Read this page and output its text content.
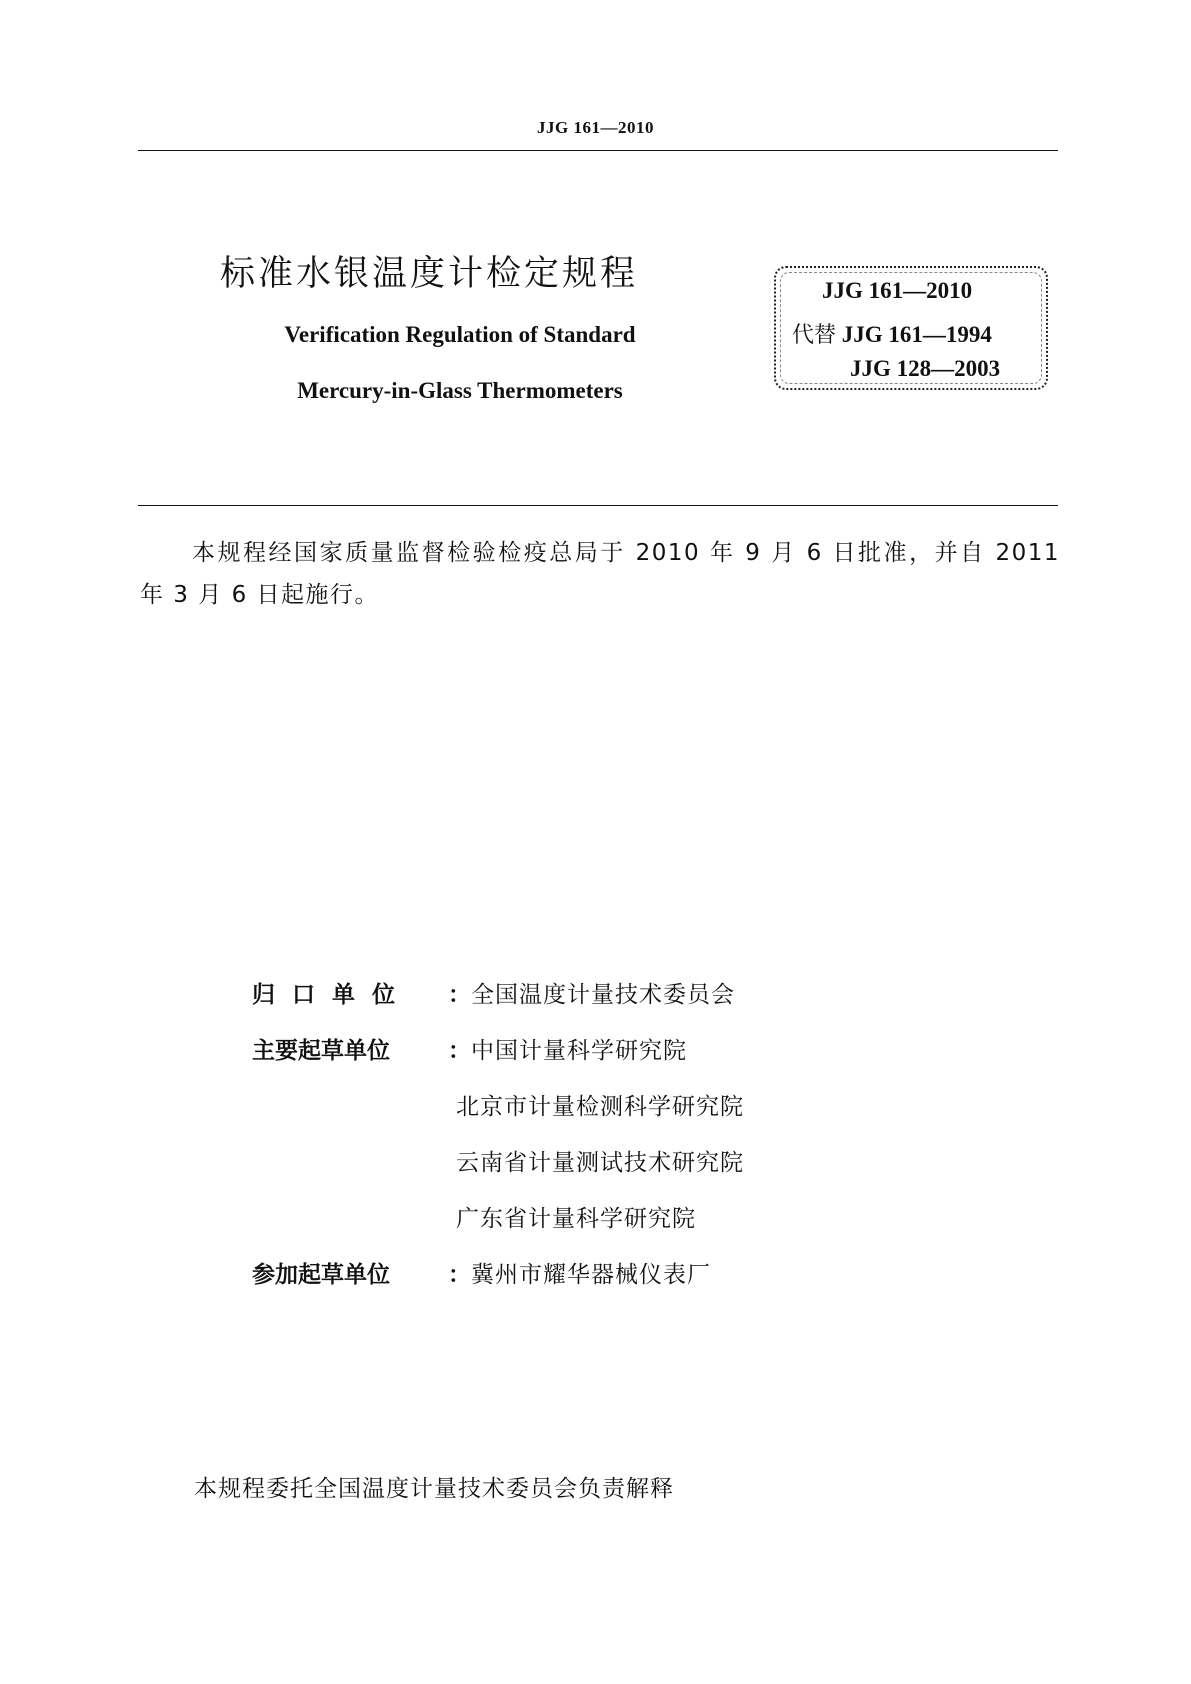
JJG 161—2010
标准水银温度计检定规程
Verification Regulation of Standard
Mercury-in-Glass Thermometers
JJG 161—2010
代替 JJG 161—1994
JJG 128—2003
本规程经国家质量监督检验检疫总局于 2010 年 9 月 6 日批准，并自 2011 年 3 月 6 日起施行。
归口单位	： 全国温度计量技术委员会
主要起草单位	： 中国计量科学研究院
北京市计量检测科学研究院
云南省计量测试技术研究院
广东省计量科学研究院
参加起草单位	： 冀州市耀华器械仪表厂
本规程委托全国温度计量技术委员会负责解释
